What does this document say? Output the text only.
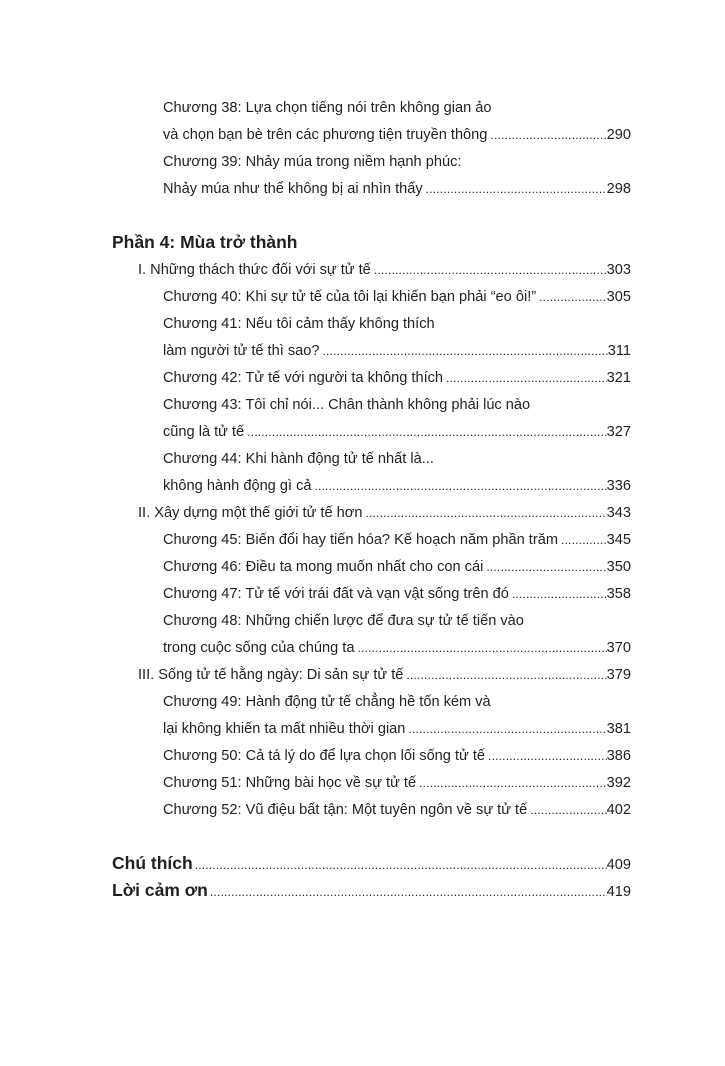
Chương 38: Lựa chọn tiếng nói trên không gian ảo
và chọn bạn bè trên các phương tiện truyền thông .....	290
Chương 39: Nhảy múa trong niềm hạnh phúc:
Nhảy múa như thể không bị ai nhìn thấy .....	298
Phần 4: Mùa trở thành
I. Những thách thức đối với sự tử tế .....	303
Chương 40: Khi sự tử tế của tôi lại khiến bạn phải “eo ôi!” .....	305
Chương 41: Nếu tôi cảm thấy không thích
làm người tử tế thì sao? .....	311
Chương 42: Tử tế với người ta không thích .....	321
Chương 43: Tôi chỉ nói... Chân thành không phải lúc nào
cũng là tử tế .....	327
Chương 44: Khi hành động tử tế nhất là...
không hành động gì cả .....	336
II. Xây dựng một thế giới tử tế hơn .....	343
Chương 45: Biến đổi hay tiến hóa? Kế hoạch năm phần trăm .....	345
Chương 46: Điều ta mong muốn nhất cho con cái .....	350
Chương 47: Tử tế với trái đất và vạn vật sống trên đó .....	358
Chương 48: Những chiến lược để đưa sự tử tế tiến vào
trong cuộc sống của chúng ta .....	370
III. Sống tử tế hằng ngày: Di sản sự tử tế .....	379
Chương 49: Hành động tử tế chẳng hề tốn kém và
lại không khiến ta mất nhiều thời gian .....	381
Chương 50: Cả tá lý do để lựa chọn lối sống tử tế .....	386
Chương 51: Những bài học về sự tử tế .....	392
Chương 52: Vũ điệu bất tận: Một tuyên ngôn về sự tử tế .....	402
Chú thích .....	409
Lời cảm ơn .....	419
